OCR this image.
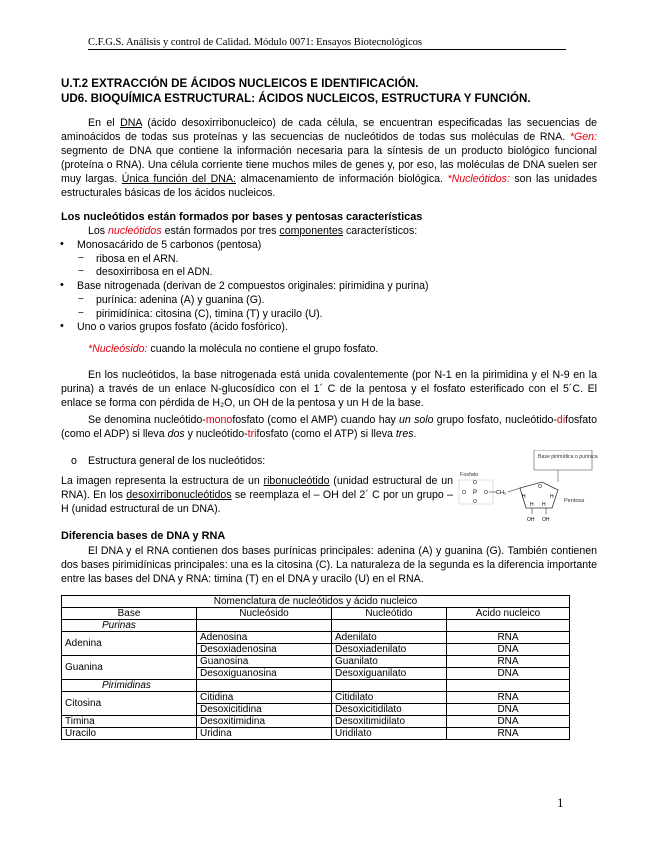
C.F.G.S. Análisis y control de Calidad. Módulo 0071: Ensayos Biotecnológicos
U.T.2 EXTRACCIÓN DE ÁCIDOS NUCLEICOS E IDENTIFICACIÓN.
UD6. BIOQUÍMICA ESTRUCTURAL: ÁCIDOS NUCLEICOS, ESTRUCTURA Y FUNCIÓN.
En el DNA (ácido desoxirribonucleico) de cada célula, se encuentran especificadas las secuencias de aminoácidos de todas sus proteínas y las secuencias de nucleótidos de todas sus moléculas de RNA. *Gen: segmento de DNA que contiene la información necesaria para la síntesis de un producto biológico funcional (proteína o RNA). Una célula corriente tiene muchos miles de genes y, por eso, las moléculas de DNA suelen ser muy largas. Única función del DNA: almacenamiento de información biológica. *Nucleótidos: son las unidades estructurales básicas de los ácidos nucleicos.
Los nucleótidos están formados por bases y pentosas características
Los nucleótidos están formados por tres componentes característicos:
• Monosacárido de 5 carbonos (pentosa)
− ribosa en el ARN.
− desoxirribosa en el ADN.
• Base nitrogenada (derivan de 2 compuestos originales: pirimidina y purina)
− purínica: adenina (A) y guanina (G).
− pirimidínica: citosina (C), timina (T) y uracilo (U).
• Uno o varios grupos fosfato (ácido fosfórico).
*Nucleósido: cuando la molécula no contiene el grupo fosfato.
En los nucleótidos, la base nitrogenada está unida covalentemente (por N-1 en la pirimidina y el N-9 en la purina) a través de un enlace N-glucosídico con el 1´ C de la pentosa y el fosfato esterificado con el 5´C. El enlace se forma con pérdida de H₂O, un OH de la pentosa y un H de la base.
Se denomina nucleótido-monofosfato (como el AMP) cuando hay un solo grupo fosfato, nucleótido-difosfato (como el ADP) si lleva dos y nucleótido-trifosfato (como el ATP) si lleva tres.
o Estructura general de los nucleótidos:
La imagen representa la estructura de un ribonucleótido (unidad estructural de un RNA). En los desoxirribonucleótidos se reemplaza el – OH del 2´ C por un grupo –H (unidad estructural de un DNA).
Base pirimídica o purínica
Fosfato
P
O
O
O	O CH₂
O
H	H
H H
OH OH
Pentosa
Diferencia bases de DNA y RNA
El DNA y el RNA contienen dos bases purínicas principales: adenina (A) y guanina (G). También contienen dos bases pirimidínicas principales: una es la citosina (C). La naturaleza de la segunda es la diferencia importante entre las bases del DNA y RNA: timina (T) en el DNA y uracilo (U) en el RNA.
Nomenclatura de nucleótidos y ácido nucleico			
Base	Nucleósido	Nucleótido	Ácido nucleico
Purinas			
Adenina	Adenosina	Adenilato	RNA
	Desoxiadenosina	Desoxiadenilato	DNA
Guanina	Guanosina	Guanilato	RNA
	Desoxiguanosina	Desoxiguanilato	DNA
Pirimidinas			
Citosina	Citidina	Citidilato	RNA
	Desoxicitidina	Desoxicitidilato	DNA
Timina	Desoxitimidina	Desoxitimidilato	DNA
Uracilo	Uridina	Uridilato	RNA
1
